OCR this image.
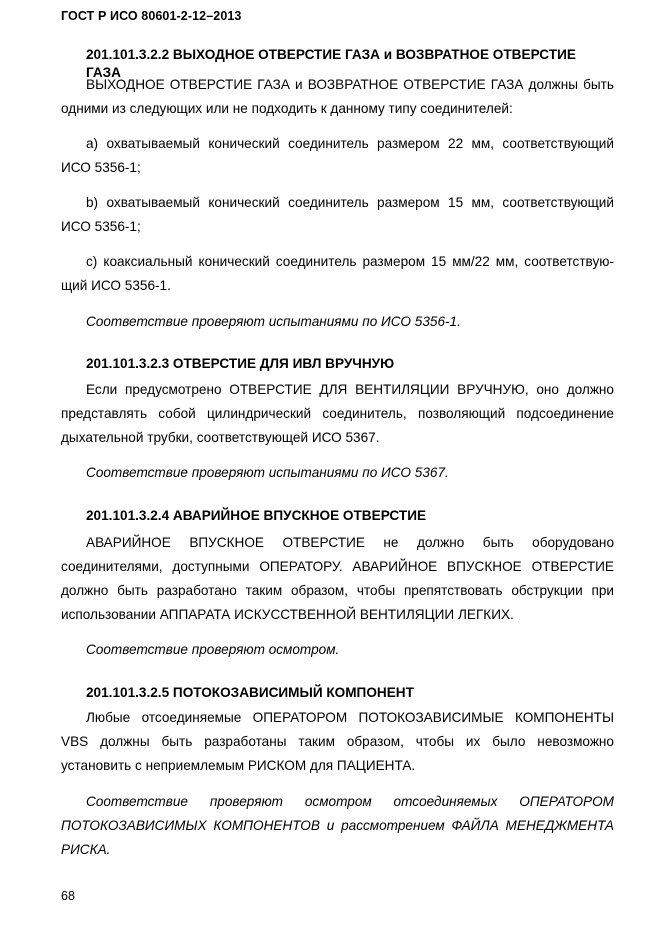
ГОСТ Р ИСО 80601-2-12–2013
201.101.3.2.2 ВЫХОДНОЕ ОТВЕРСТИЕ ГАЗА и ВОЗВРАТНОЕ ОТВЕРСТИЕ ГАЗА

ВЫХОДНОЕ ОТВЕРСТИЕ ГАЗА и ВОЗВРАТНОЕ ОТВЕРСТИЕ ГАЗА должны быть одними из следующих или не подходить к данному типу соединителей:

а) охватываемый конический соединитель размером 22 мм, соответствующий
ИСО 5356-1;
b) охватываемый конический соединитель размером 15 мм, соответствующий
ИСО 5356-1;
с) коаксиальный конический соединитель размером 15 мм/22 мм, соответствую-
щий ИСО 5356-1.
Соответствие проверяют испытаниями по ИСО 5356-1.
201.101.3.2.3 ОТВЕРСТИЕ ДЛЯ ИВЛ ВРУЧНУЮ

Если предусмотрено ОТВЕРСТИЕ ДЛЯ ВЕНТИЛЯЦИИ ВРУЧНУЮ, оно должно представлять собой цилиндрический соединитель, позволяющий подсоединение дыхательной трубки, соответствующей ИСО 5367.

Соответствие проверяют испытаниями по ИСО 5367.
201.101.3.2.4 АВАРИЙНОЕ ВПУСКНОЕ ОТВЕРСТИЕ

АВАРИЙНОЕ ВПУСКНОЕ ОТВЕРСТИЕ не должно быть оборудовано соединителями, доступными ОПЕРАТОРУ. АВАРИЙНОЕ ВПУСКНОЕ ОТВЕРСТИЕ должно быть разработано таким образом, чтобы препятствовать обструкции при использовании АППАРАТА ИСКУССТВЕННОЙ ВЕНТИЛЯЦИИ ЛЕГКИХ.

Соответствие проверяют осмотром.
201.101.3.2.5 ПОТОКОЗАВИСИМЫЙ КОМПОНЕНТ

Любые отсоединяемые ОПЕРАТОРОМ ПОТОКОЗАВИСИМЫЕ КОМПОНЕНТЫ VBS должны быть разработаны таким образом, чтобы их было невозможно установить с неприемлемым РИСКОМ для ПАЦИЕНТА.

Соответствие проверяют осмотром отсоединяемых ОПЕРАТОРОМ ПОТОКОЗАВИСИМЫХ КОМПОНЕНТОВ и рассмотрением ФАЙЛА МЕНЕДЖМЕНТА РИСКА.

68
